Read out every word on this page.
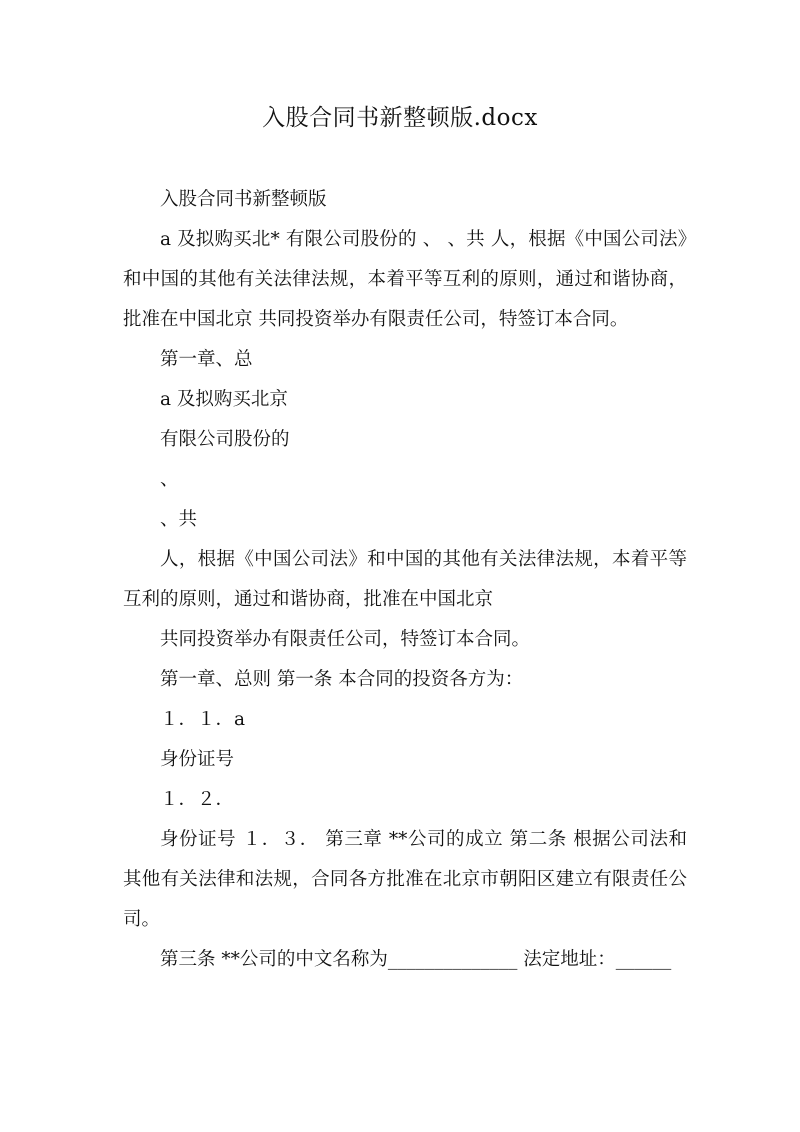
入股合同书新整顿版.docx

入股合同书新整顿版

a 及拟购买北* 有限公司股份的 、 、共 人，根据《中国公司法》和中国的其他有关法律法规，本着平等互利的原则，通过和谐协商，批准在中国北京 共同投资举办有限责任公司，特签订本合同。

第一章、总

a 及拟购买北京

有限公司股份的

、

、共

人，根据《中国公司法》和中国的其他有关法律法规，本着平等互利的原则，通过和谐协商，批准在中国北京

共同投资举办有限责任公司，特签订本合同。

第一章、总则 第一条 本合同的投资各方为：

１．１．a

身份证号

１．２．

身份证号 １．３． 第三章 **公司的成立 第二条 根据公司法和其他有关法律和法规，合同各方批准在北京市朝阳区建立有限责任公司。

第三条 **公司的中文名称为______________ 法定地址：______
